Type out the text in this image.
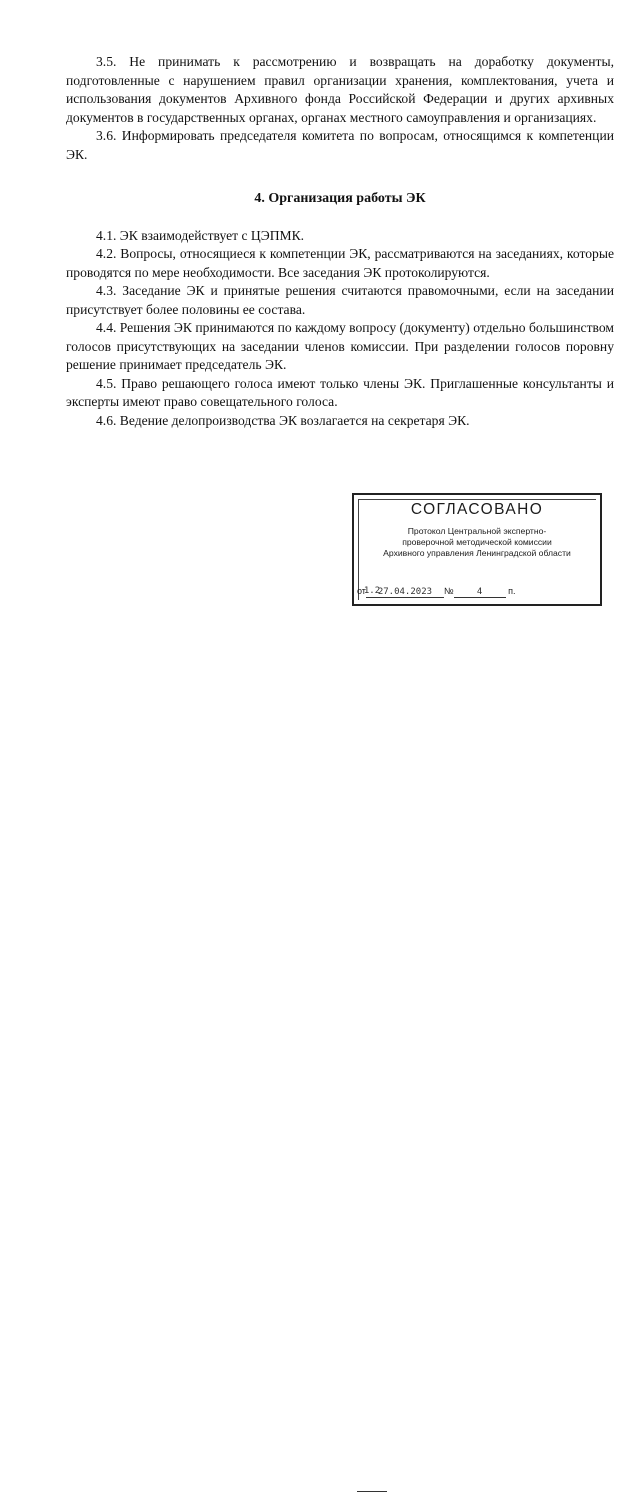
3.5. Не принимать к рассмотрению и возвращать на доработку документы, подготовленные с нарушением правил организации хранения, комплектования, учета и использования документов Архивного фонда Российской Федерации и других архивных документов в государственных органах, органах местного самоуправления и организациях.

3.6. Информировать председателя комитета по вопросам, относящимся к компетенции ЭК.

4. Организация работы ЭК

4.1. ЭК взаимодействует с ЦЭПМК.

4.2. Вопросы, относящиеся к компетенции ЭК, рассматриваются на заседаниях, которые проводятся по мере необходимости. Все заседания ЭК протоколируются.

4.3. Заседание ЭК и принятые решения считаются правомочными, если на заседании присутствует более половины ее состава.

4.4. Решения ЭК принимаются по каждому вопросу (документу) отдельно большинством голосов присутствующих на заседании членов комиссии. При разделении голосов поровну решение принимает председатель ЭК.

4.5. Право решающего голоса имеют только члены ЭК. Приглашенные консультанты и эксперты имеют право совещательного голоса.

4.6. Ведение делопроизводства ЭК возлагается на секретаря ЭК.

СОГЛАСОВАНО
Протокол Центральной экспертно-
проверочной методической комиссии
Архивного управления Ленинградской области
от 27.04.2023 №	4	п.
1.2
